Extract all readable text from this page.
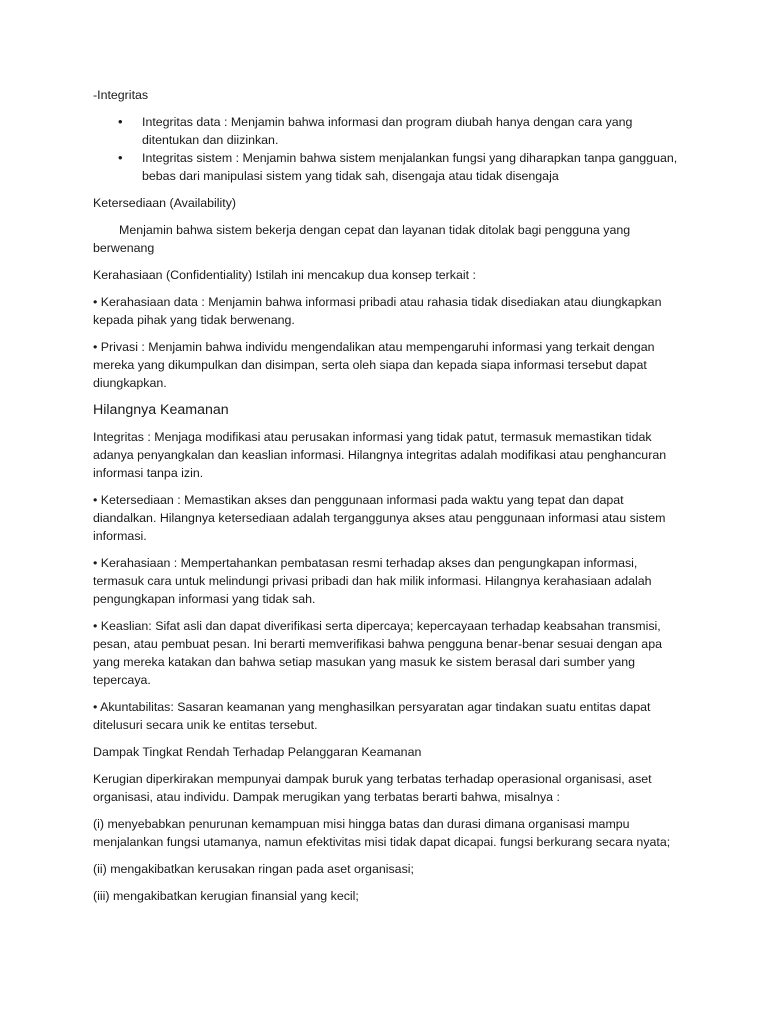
-Integritas

• Integritas data : Menjamin bahwa informasi dan program diubah hanya dengan cara yang ditentukan dan diizinkan.
• Integritas sistem : Menjamin bahwa sistem menjalankan fungsi yang diharapkan tanpa gangguan, bebas dari manipulasi sistem yang tidak sah, disengaja atau tidak disengaja

Ketersediaan (Availability)

Menjamin bahwa sistem bekerja dengan cepat dan layanan tidak ditolak bagi pengguna yang berwenang

Kerahasiaan (Confidentiality) Istilah ini mencakup dua konsep terkait :

• Kerahasiaan data : Menjamin bahwa informasi pribadi atau rahasia tidak disediakan atau diungkapkan kepada pihak yang tidak berwenang.

• Privasi : Menjamin bahwa individu mengendalikan atau mempengaruhi informasi yang terkait dengan mereka yang dikumpulkan dan disimpan, serta oleh siapa dan kepada siapa informasi tersebut dapat diungkapkan.

Hilangnya Keamanan

Integritas : Menjaga modifikasi atau perusakan informasi yang tidak patut, termasuk memastikan tidak adanya penyangkalan dan keaslian informasi. Hilangnya integritas adalah modifikasi atau penghancuran informasi tanpa izin.

• Ketersediaan : Memastikan akses dan penggunaan informasi pada waktu yang tepat dan dapat diandalkan. Hilangnya ketersediaan adalah terganggunya akses atau penggunaan informasi atau sistem informasi.

• Kerahasiaan : Mempertahankan pembatasan resmi terhadap akses dan pengungkapan informasi, termasuk cara untuk melindungi privasi pribadi dan hak milik informasi. Hilangnya kerahasiaan adalah pengungkapan informasi yang tidak sah.

• Keaslian: Sifat asli dan dapat diverifikasi serta dipercaya; kepercayaan terhadap keabsahan transmisi, pesan, atau pembuat pesan. Ini berarti memverifikasi bahwa pengguna benar-benar sesuai dengan apa yang mereka katakan dan bahwa setiap masukan yang masuk ke sistem berasal dari sumber yang tepercaya.

• Akuntabilitas: Sasaran keamanan yang menghasilkan persyaratan agar tindakan suatu entitas dapat ditelusuri secara unik ke entitas tersebut.

Dampak Tingkat Rendah Terhadap Pelanggaran Keamanan

Kerugian diperkirakan mempunyai dampak buruk yang terbatas terhadap operasional organisasi, aset organisasi, atau individu. Dampak merugikan yang terbatas berarti bahwa, misalnya :

(i) menyebabkan penurunan kemampuan misi hingga batas dan durasi dimana organisasi mampu menjalankan fungsi utamanya, namun efektivitas misi tidak dapat dicapai. fungsi berkurang secara nyata;

(ii) mengakibatkan kerusakan ringan pada aset organisasi;

(iii) mengakibatkan kerugian finansial yang kecil;
